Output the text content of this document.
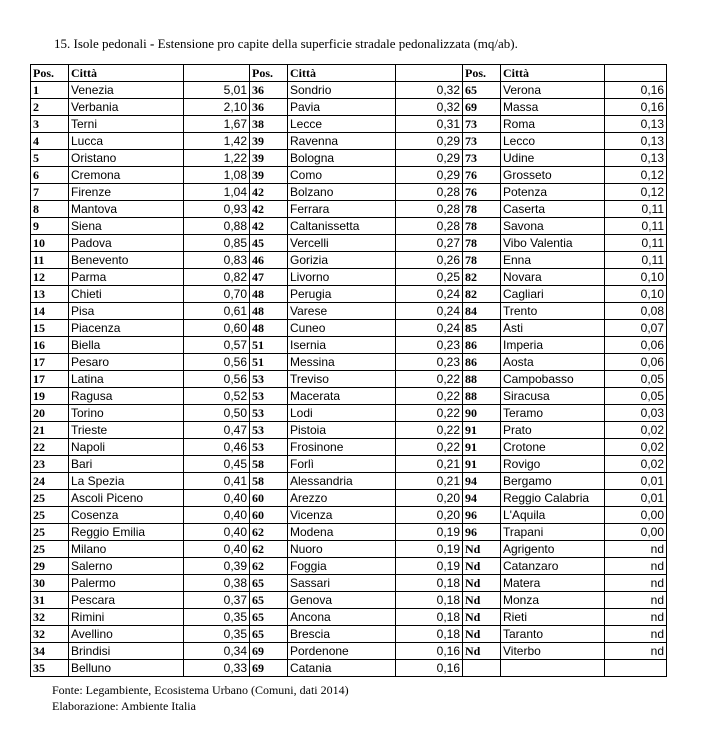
15. Isole pedonali - Estensione pro capite della superficie stradale pedonalizzata (mq/ab).
Pos.	Città		Pos.	Città		Pos.	Città	
1	Venezia	5,01	36	Sondrio	0,32	65	Verona	0,16
2	Verbania	2,10	36	Pavia	0,32	69	Massa	0,16
3	Terni	1,67	38	Lecce	0,31	73	Roma	0,13
4	Lucca	1,42	39	Ravenna	0,29	73	Lecco	0,13
5	Oristano	1,22	39	Bologna	0,29	73	Udine	0,13
6	Cremona	1,08	39	Como	0,29	76	Grosseto	0,12
7	Firenze	1,04	42	Bolzano	0,28	76	Potenza	0,12
8	Mantova	0,93	42	Ferrara	0,28	78	Caserta	0,11
9	Siena	0,88	42	Caltanissetta	0,28	78	Savona	0,11
10	Padova	0,85	45	Vercelli	0,27	78	Vibo Valentia	0,11
11	Benevento	0,83	46	Gorizia	0,26	78	Enna	0,11
12	Parma	0,82	47	Livorno	0,25	82	Novara	0,10
13	Chieti	0,70	48	Perugia	0,24	82	Cagliari	0,10
14	Pisa	0,61	48	Varese	0,24	84	Trento	0,08
15	Piacenza	0,60	48	Cuneo	0,24	85	Asti	0,07
16	Biella	0,57	51	Isernia	0,23	86	Imperia	0,06
17	Pesaro	0,56	51	Messina	0,23	86	Aosta	0,06
17	Latina	0,56	53	Treviso	0,22	88	Campobasso	0,05
19	Ragusa	0,52	53	Macerata	0,22	88	Siracusa	0,05
20	Torino	0,50	53	Lodi	0,22	90	Teramo	0,03
21	Trieste	0,47	53	Pistoia	0,22	91	Prato	0,02
22	Napoli	0,46	53	Frosinone	0,22	91	Crotone	0,02
23	Bari	0,45	58	Forlì	0,21	91	Rovigo	0,02
24	La Spezia	0,41	58	Alessandria	0,21	94	Bergamo	0,01
25	Ascoli Piceno	0,40	60	Arezzo	0,20	94	Reggio Calabria	0,01
25	Cosenza	0,40	60	Vicenza	0,20	96	L'Aquila	0,00
25	Reggio Emilia	0,40	62	Modena	0,19	96	Trapani	0,00
25	Milano	0,40	62	Nuoro	0,19	Nd	Agrigento	nd
29	Salerno	0,39	62	Foggia	0,19	Nd	Catanzaro	nd
30	Palermo	0,38	65	Sassari	0,18	Nd	Matera	nd
31	Pescara	0,37	65	Genova	0,18	Nd	Monza	nd
32	Rimini	0,35	65	Ancona	0,18	Nd	Rieti	nd
32	Avellino	0,35	65	Brescia	0,18	Nd	Taranto	nd
34	Brindisi	0,34	69	Pordenone	0,16	Nd	Viterbo	nd
35	Belluno	0,33	69	Catania	0,16			
Fonte: Legambiente, Ecosistema Urbano (Comuni, dati 2014)
Elaborazione: Ambiente Italia
